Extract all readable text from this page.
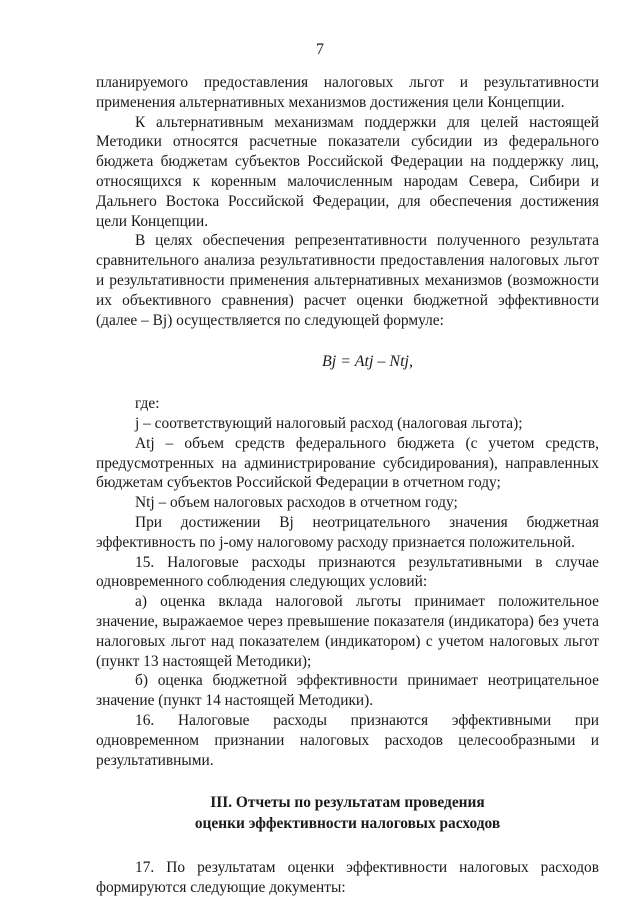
7

планируемого предоставления налоговых льгот и результативности применения альтернативных механизмов достижения цели Концепции.

К альтернативным механизмам поддержки для целей настоящей Методики относятся расчетные показатели субсидии из федерального бюджета бюджетам субъектов Российской Федерации на поддержку лиц, относящихся к коренным малочисленным народам Севера, Сибири и Дальнего Востока Российской Федерации, для обеспечения достижения цели Концепции.

В целях обеспечения репрезентативности полученного результата сравнительного анализа результативности предоставления налоговых льгот и результативности применения альтернативных механизмов (возможности их объективного сравнения) расчет оценки бюджетной эффективности (далее – Bj) осуществляется по следующей формуле:

Bj = Atj – Ntj,

где:

j – соответствующий налоговый расход (налоговая льгота);

Atj – объем средств федерального бюджета (с учетом средств, предусмотренных на администрирование субсидирования), направленных бюджетам субъектов Российской Федерации в отчетном году;

Ntj – объем налоговых расходов в отчетном году;

При достижении Bj неотрицательного значения бюджетная эффективность по j-ому налоговому расходу признается положительной.

15. Налоговые расходы признаются результативными в случае одновременного соблюдения следующих условий:

а) оценка вклада налоговой льготы принимает положительное значение, выражаемое через превышение показателя (индикатора) без учета налоговых льгот над показателем (индикатором) с учетом налоговых льгот (пункт 13 настоящей Методики);

б) оценка бюджетной эффективности принимает неотрицательное значение (пункт 14 настоящей Методики).

16. Налоговые расходы признаются эффективными при одновременном признании налоговых расходов целесообразными и результативными.

III. Отчеты по результатам проведения
оценки эффективности налоговых расходов

17. По результатам оценки эффективности налоговых расходов формируются следующие документы:
